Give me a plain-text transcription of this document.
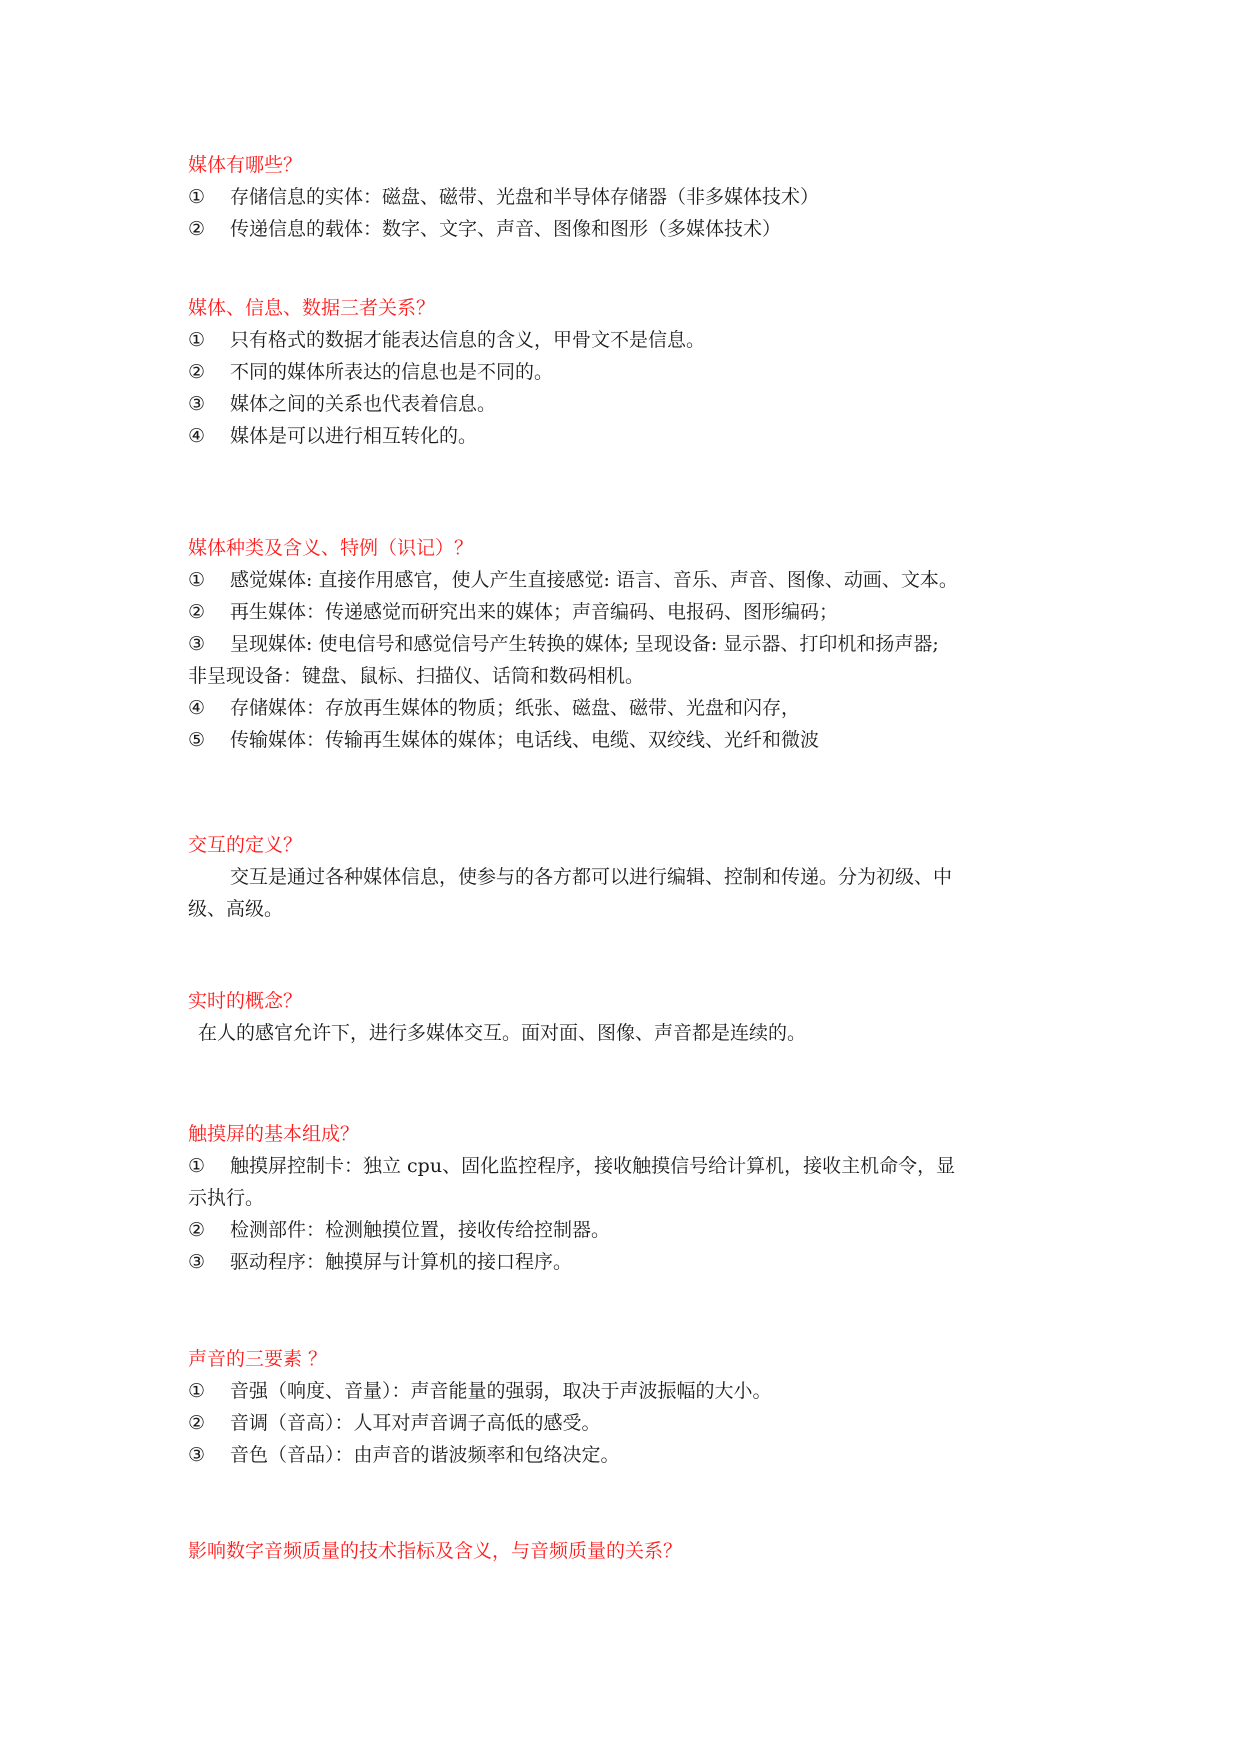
媒体有哪些？
①	存储信息的实体：磁盘、磁带、光盘和半导体存储器（非多媒体技术）
②	传递信息的载体：数字、文字、声音、图像和图形（多媒体技术）
媒体、信息、数据三者关系？
①	只有格式的数据才能表达信息的含义，甲骨文不是信息。
②	不同的媒体所表达的信息也是不同的。
③	媒体之间的关系也代表着信息。
④	媒体是可以进行相互转化的。
媒体种类及含义、特例（识记）？
①	感觉媒体: 直接作用感官，使人产生直接感觉: 语言、音乐、声音、图像、动画、文本。
②	再生媒体：传递感觉而研究出来的媒体；声音编码、电报码、图形编码；
③	呈现媒体: 使电信号和感觉信号产生转换的媒体; 呈现设备: 显示器、打印机和扬声器;
非呈现设备：键盘、鼠标、扫描仪、话筒和数码相机。
④	存储媒体：存放再生媒体的物质；纸张、磁盘、磁带、光盘和闪存，
⑤	传输媒体：传输再生媒体的媒体；电话线、电缆、双绞线、光纤和微波
交互的定义？
交互是通过各种媒体信息，使参与的各方都可以进行编辑、控制和传递。分为初级、中
级、高级。
实时的概念？
在人的感官允许下，进行多媒体交互。面对面、图像、声音都是连续的。
触摸屏的基本组成？
①	触摸屏控制卡：独立 cpu、固化监控程序，接收触摸信号给计算机，接收主机命令，显
示执行。
②	检测部件：检测触摸位置，接收传给控制器。
③	驱动程序：触摸屏与计算机的接口程序。
声音的三要素 ？
①	音强（响度、音量）：声音能量的强弱，取决于声波振幅的大小。
②	音调（音高）：人耳对声音调子高低的感受。
③	音色（音品）：由声音的谐波频率和包络决定。
影响数字音频质量的技术指标及含义，与音频质量的关系？
